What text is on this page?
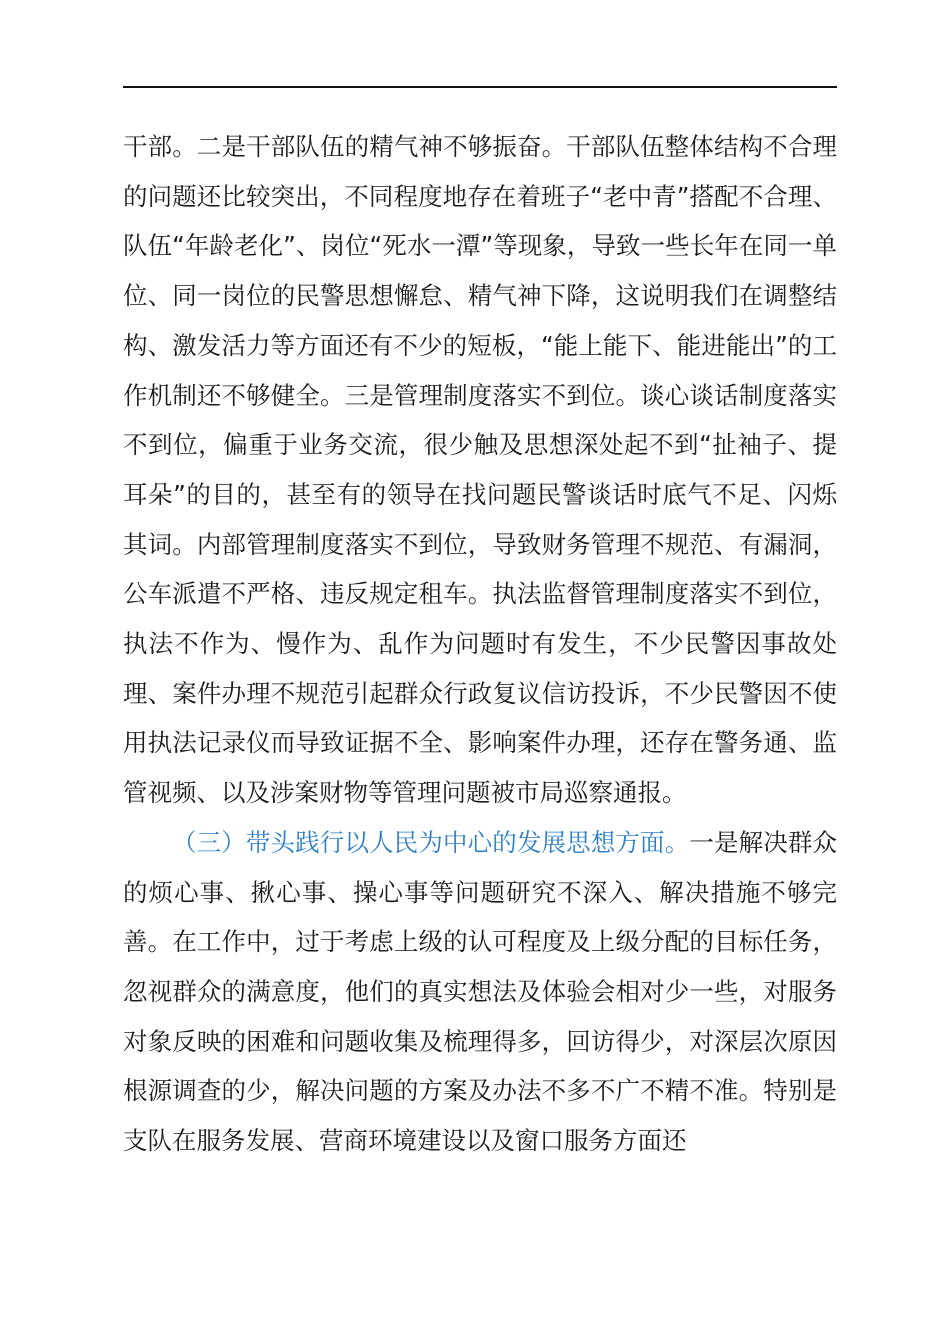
干部。二是干部队伍的精气神不够振奋。干部队伍整体结构不合理的问题还比较突出，不同程度地存在着班子“老中青”搭配不合理、队伍“年龄老化”、岗位“死水一潭”等现象，导致一些长年在同一单位、同一岗位的民警思想懈怠、精气神下降，这说明我们在调整结构、激发活力等方面还有不少的短板，“能上能下、能进能出”的工作机制还不够健全。三是管理制度落实不到位。谈心谈话制度落实不到位，偏重于业务交流，很少触及思想深处起不到“扯袖子、提耳朵”的目的，甚至有的领导在找问题民警谈话时底气不足、闪烁其词。内部管理制度落实不到位，导致财务管理不规范、有漏洞，公车派遣不严格、违反规定租车。执法监督管理制度落实不到位，执法不作为、慢作为、乱作为问题时有发生，不少民警因事故处理、案件办理不规范引起群众行政复议信访投诉，不少民警因不使用执法记录仪而导致证据不全、影响案件办理，还存在警务通、监管视频、以及涉案财物等管理问题被市局巡察通报。

（三）带头践行以人民为中心的发展思想方面。一是解决群众的烦心事、揪心事、操心事等问题研究不深入、解决措施不够完善。在工作中，过于考虑上级的认可程度及上级分配的目标任务，忽视群众的满意度，他们的真实想法及体验会相对少一些，对服务对象反映的困难和问题收集及梳理得多，回访得少，对深层次原因根源调查的少，解决问题的方案及办法不多不广不精不准。特别是支队在服务发展、营商环境建设以及窗口服务方面还
